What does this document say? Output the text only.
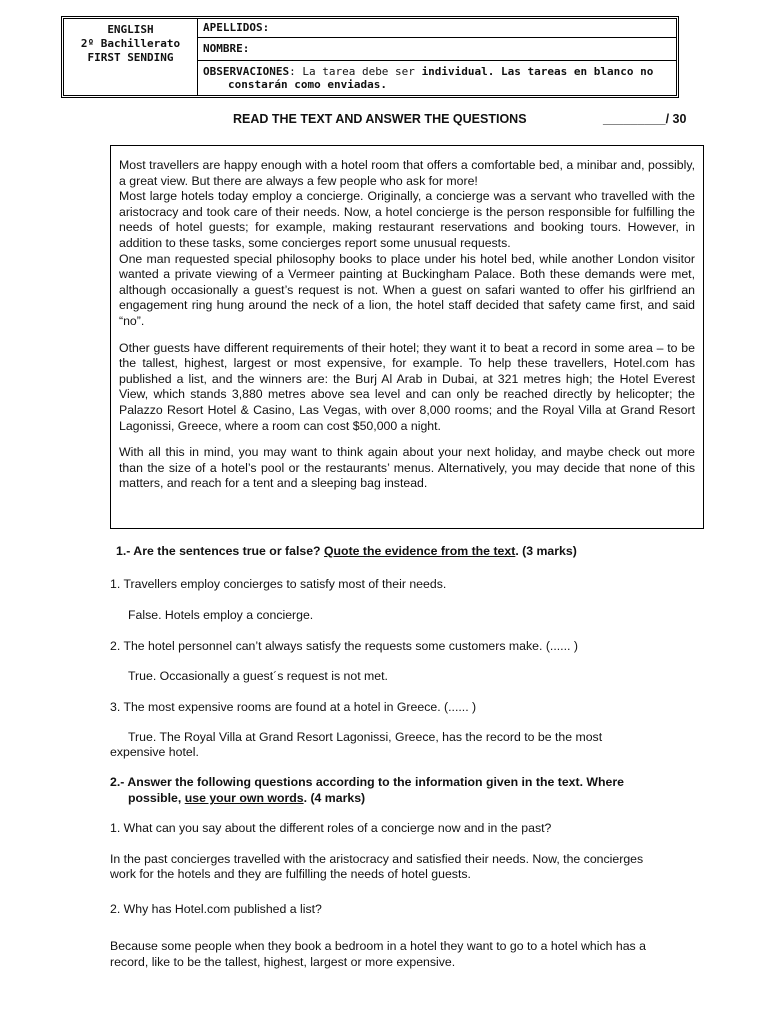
ENGLISH
2º Bachillerato
FIRST SENDING
APELLIDOS:
NOMBRE:
OBSERVACIONES: La tarea debe ser individual. Las tareas en blanco no
constarán como enviadas.
READ THE TEXT AND ANSWER THE QUESTIONS	_________/ 30

Most travellers are happy enough with a hotel room that offers a comfortable bed, a minibar and, possibly, a great view. But there are always a few people who ask for more!

Most large hotels today employ a concierge. Originally, a concierge was a servant who travelled with the aristocracy and took care of their needs. Now, a hotel concierge is the person responsible for fulfilling the needs of hotel guests; for example, making restaurant reservations and booking tours. However, in addition to these tasks, some concierges report some unusual requests.

One man requested special philosophy books to place under his hotel bed, while another London visitor wanted a private viewing of a Vermeer painting at Buckingham Palace. Both these demands were met, although occasionally a guest’s request is not. When a guest on safari wanted to offer his girlfriend an engagement ring hung around the neck of a lion, the hotel staff decided that safety came first, and said “no”.

Other guests have different requirements of their hotel; they want it to beat a record in some area – to be the tallest, highest, largest or most expensive, for example. To help these travellers, Hotel.com has published a list, and the winners are: the Burj Al Arab in Dubai, at 321 metres high; the Hotel Everest View, which stands 3,880 metres above sea level and can only be reached directly by helicopter; the Palazzo Resort Hotel & Casino, Las Vegas, with over 8,000 rooms; and the Royal Villa at Grand Resort Lagonissi, Greece, where a room can cost $50,000 a night.

With all this in mind, you may want to think again about your next holiday, and maybe check out more than the size of a hotel’s pool or the restaurants’ menus. Alternatively, you may decide that none of this matters, and reach for a tent and a sleeping bag instead.

1.- Are the sentences true or false? Quote the evidence from the text. (3 marks)
1. Travellers employ concierges to satisfy most of their needs.
False. Hotels employ a concierge.
2. The hotel personnel can’t always satisfy the requests some customers make. (...... )
True. Occasionally a guest´s request is not met.
3. The most expensive rooms are found at a hotel in Greece. (...... )
True. The Royal Villa at Grand Resort Lagonissi, Greece, has the record to be the most
expensive hotel.
2.- Answer the following questions according to the information given in the text. Where
possible, use your own words. (4 marks)
1. What can you say about the different roles of a concierge now and in the past?
In the past concierges travelled with the aristocracy and satisfied their needs. Now, the concierges
work for the hotels and they are fulfilling the needs of hotel guests.
2. Why has Hotel.com published a list?
Because some people when they book a bedroom in a hotel they want to go to a hotel which has a
record, like to be the tallest, highest, largest or more expensive.
